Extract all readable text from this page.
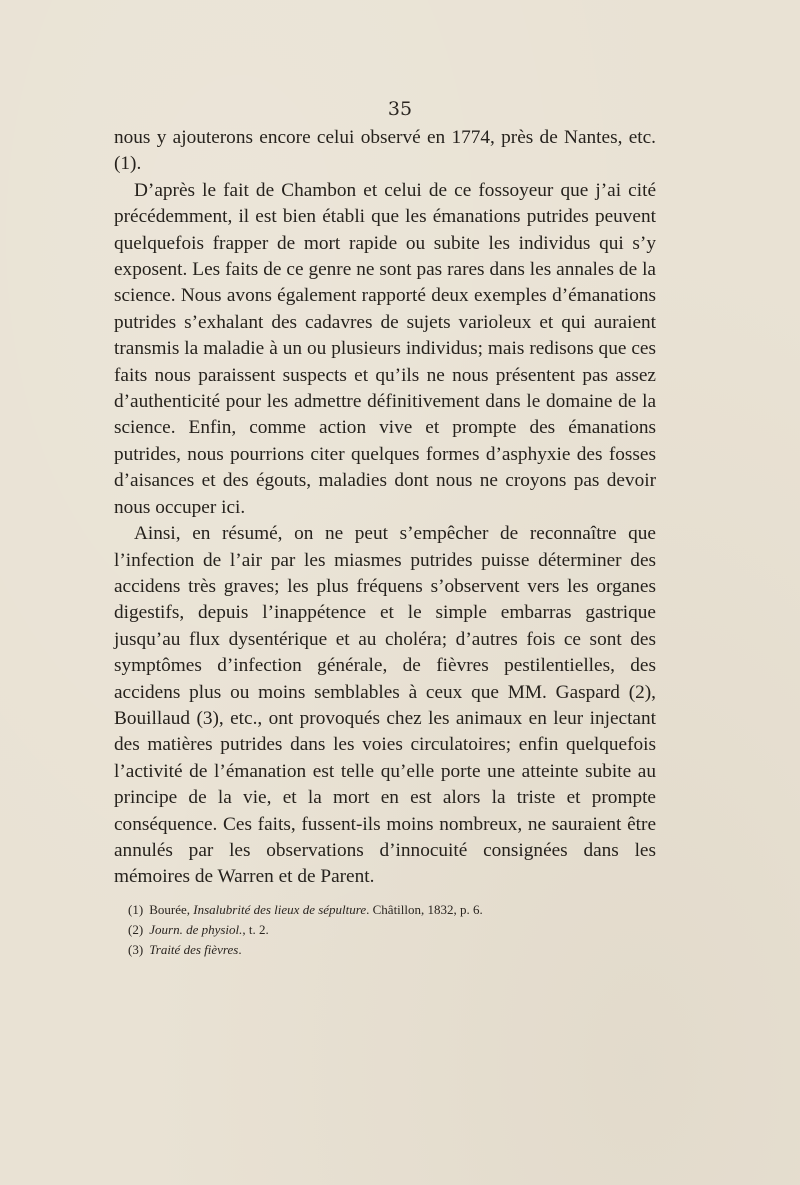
35

nous y ajouterons encore celui observé en 1774, près de Nantes, etc. (1).

D’après le fait de Chambon et celui de ce fossoyeur que j’ai cité précédemment, il est bien établi que les émanations putrides peuvent quelquefois frapper de mort rapide ou subite les individus qui s’y exposent. Les faits de ce genre ne sont pas rares dans les annales de la science. Nous avons également rapporté deux exemples d’émanations putrides s’exhalant des cadavres de sujets varioleux et qui auraient transmis la maladie à un ou plusieurs individus; mais redisons que ces faits nous paraissent suspects et qu’ils ne nous présentent pas assez d’authenticité pour les admettre définitivement dans le domaine de la science. Enfin, comme action vive et prompte des émanations putrides, nous pourrions citer quelques formes d’asphyxie des fosses d’aisances et des égouts, maladies dont nous ne croyons pas devoir nous occuper ici.

Ainsi, en résumé, on ne peut s’empêcher de reconnaître que l’infection de l’air par les miasmes putrides puisse déterminer des accidens très graves; les plus fréquens s’observent vers les organes digestifs, depuis l’inappétence et le simple embarras gastrique jusqu’au flux dysentérique et au choléra; d’autres fois ce sont des symptômes d’infection générale, de fièvres pestilentielles, des accidens plus ou moins semblables à ceux que MM. Gaspard (2), Bouillaud (3), etc., ont provoqués chez les animaux en leur injectant des matières putrides dans les voies circulatoires; enfin quelquefois l’activité de l’émanation est telle qu’elle porte une atteinte subite au principe de la vie, et la mort en est alors la triste et prompte conséquence. Ces faits, fussent-ils moins nombreux, ne sauraient être annulés par les observations d’innocuité consignées dans les mémoires de Warren et de Parent.

(1) Bourée, Insalubrité des lieux de sépulture. Châtillon, 1832, p. 6.
(2) Journ. de physiol., t. 2.
(3) Traité des fièvres.
